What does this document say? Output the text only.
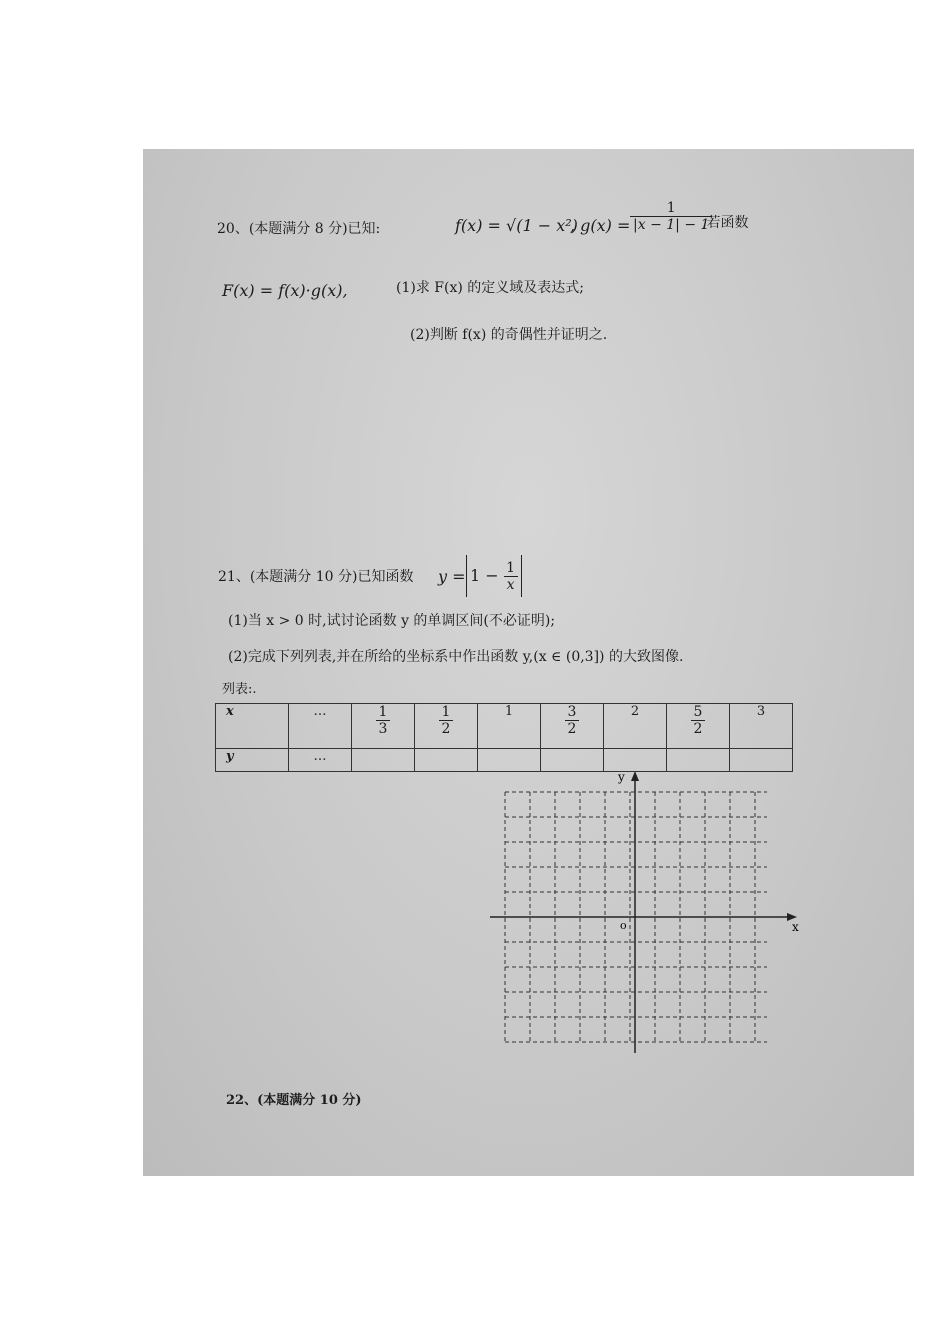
20、(本题满分 8 分)已知:	f(x) = √(1 − x²)
, $g(x) = \frac{1}{|x - 1| - 1}$
,若函数
F(x) = f(x)·g(x),	(1)求 F(x) 的定义域及表达式;
(2)判断 f(x) 的奇偶性并证明之.
21、(本题满分 10 分)已知函数 $y = 1 - \frac{1}{x}$
(1)当 x > 0 时,试讨论函数 y 的单调区间(不必证明);
(2)完成下列列表,并在所给的坐标系中作出函数 y,(x ∈ (0,3]) 的大致图像.
列表:.
x	…	$\frac{1}{3}$	$\frac{1}{2}$	1	$\frac{3}{2}$	2	$\frac{5}{2}$	3
y	…							
x
y
o
22、(本题满分 10 分)
